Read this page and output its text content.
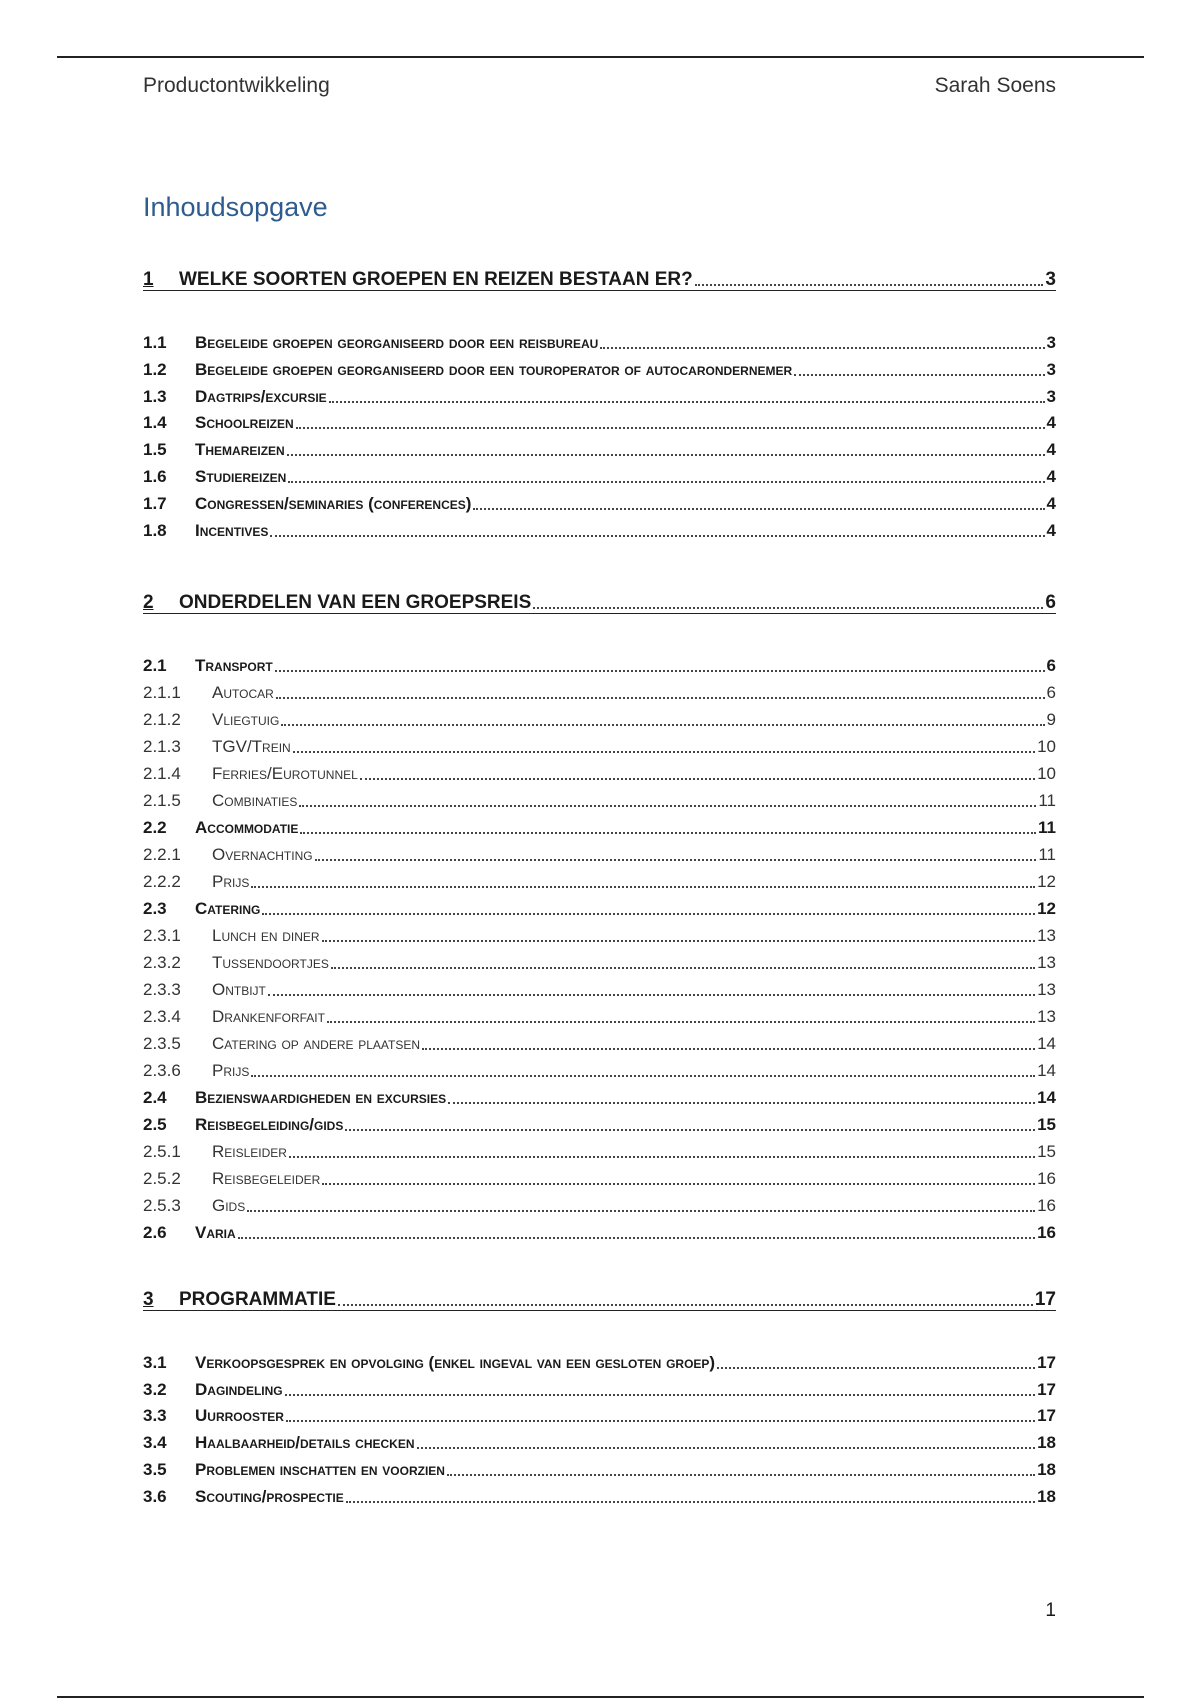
Productontwikkeling	Sarah Soens
Inhoudsopgave
1	WELKE SOORTEN GROEPEN EN REIZEN BESTAAN ER?	3
1.1	Begeleide groepen georganiseerd door een reisbureau	3
1.2	Begeleide groepen georganiseerd door een touroperator of autocarondernemer	3
1.3	Dagtrips/excursie	3
1.4	Schoolreizen	4
1.5	Themareizen	4
1.6	Studiereizen	4
1.7	Congressen/seminaries (conferences)	4
1.8	Incentives	4
2	ONDERDELEN VAN EEN GROEPSREIS	6
2.1	Transport	6
2.1.1	Autocar	6
2.1.2	Vliegtuig	9
2.1.3	TGV/Trein	10
2.1.4	Ferries/Eurotunnel	10
2.1.5	Combinaties	11
2.2	Accommodatie	11
2.2.1	Overnachting	11
2.2.2	Prijs	12
2.3	Catering	12
2.3.1	Lunch en diner	13
2.3.2	Tussendoortjes	13
2.3.3	Ontbijt	13
2.3.4	Drankenforfait	13
2.3.5	Catering op andere plaatsen	14
2.3.6	Prijs	14
2.4	Bezienswaardigheden en excursies	14
2.5	Reisbegeleiding/gids	15
2.5.1	Reisleider	15
2.5.2	Reisbegeleider	16
2.5.3	Gids	16
2.6	Varia	16
3	PROGRAMMATIE	17
3.1	Verkoopsgesprek en opvolging (enkel ingeval van een gesloten groep)	17
3.2	Dagindeling	17
3.3	Uurrooster	17
3.4	Haalbaarheid/details checken	18
3.5	Problemen inschatten en voorzien	18
3.6	Scouting/prospectie	18
1
